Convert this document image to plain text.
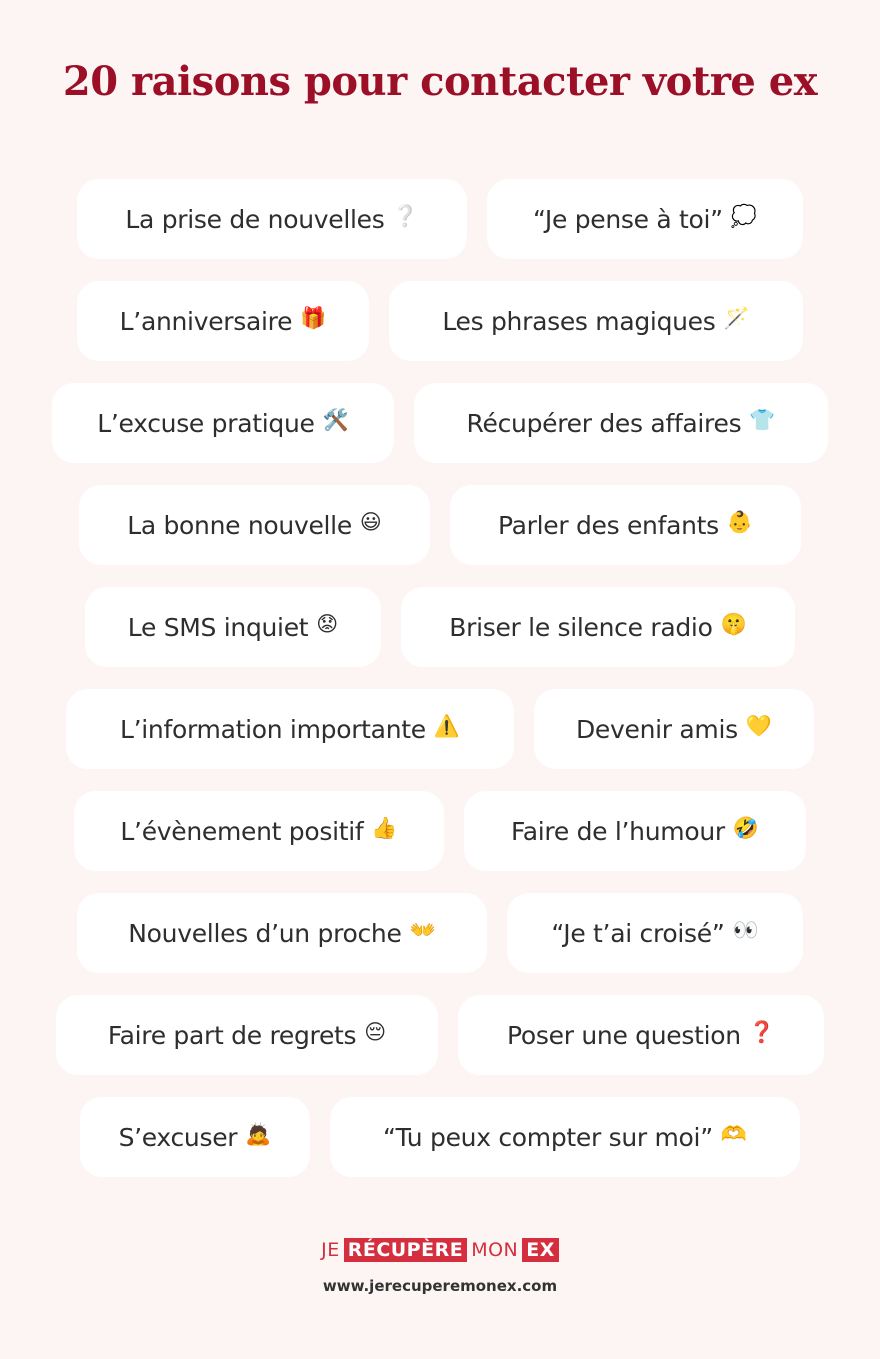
20 raisons pour contacter votre ex
La prise de nouvelles ❔	“Je pense à toi” 💭
L’anniversaire 🎁	Les phrases magiques 🪄
L’excuse pratique 🛠️	Récupérer des affaires 👕
La bonne nouvelle 😃	Parler des enfants 👶
Le SMS inquiet 😟	Briser le silence radio 🤫
L’information importante ⚠️	Devenir amis 💛
L’évènement positif 👍	Faire de l’humour 🤣
Nouvelles d’un proche 👐	“Je t’ai croisé” 👀
Faire part de regrets 😔	Poser une question ❓
S’excuser 🙇	“Tu peux compter sur moi” 🫶
JE RÉCUPÈRE MON EX
www.jerecuperemonex.com
